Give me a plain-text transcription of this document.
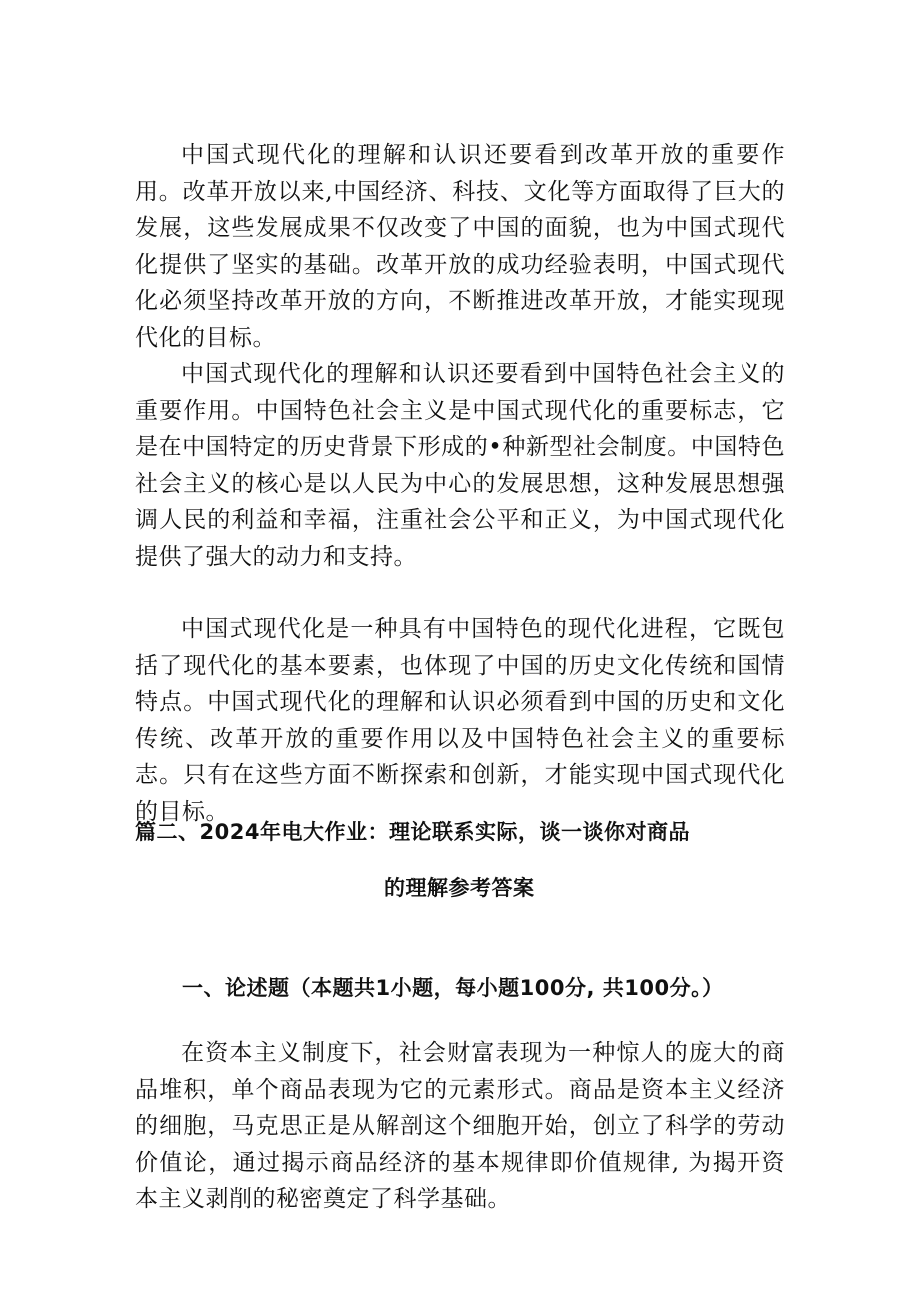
中国式现代化的理解和认识还要看到改革开放的重要作用。改革开放以来,中国经济、科技、文化等方面取得了巨大的发展，这些发展成果不仅改变了中国的面貌，也为中国式现代化提供了坚实的基础。改革开放的成功经验表明，中国式现代化必须坚持改革开放的方向，不断推进改革开放，才能实现现代化的目标。

中国式现代化的理解和认识还要看到中国特色社会主义的重要作用。中国特色社会主义是中国式现代化的重要标志，它是在中国特定的历史背景下形成的•种新型社会制度。中国特色社会主义的核心是以人民为中心的发展思想，这种发展思想强调人民的利益和幸福，注重社会公平和正义，为中国式现代化提供了强大的动力和支持。

中国式现代化是一种具有中国特色的现代化进程，它既包括了现代化的基本要素，也体现了中国的历史文化传统和国情特点。中国式现代化的理解和认识必须看到中国的历史和文化传统、改革开放的重要作用以及中国特色社会主义的重要标志。只有在这些方面不断探索和创新，才能实现中国式现代化的目标。

篇二、2024年电大作业：理论联系实际，谈一谈你对商品
的理解参考答案
一、论述题（本题共1小题，每小题100分, 共100分。）

在资本主义制度下，社会财富表现为一种惊人的庞大的商品堆积，单个商品表现为它的元素形式。商品是资本主义经济的细胞，马克思正是从解剖这个细胞开始，创立了科学的劳动价值论，通过揭示商品经济的基本规律即价值规律, 为揭开资本主义剥削的秘密奠定了科学基础。
